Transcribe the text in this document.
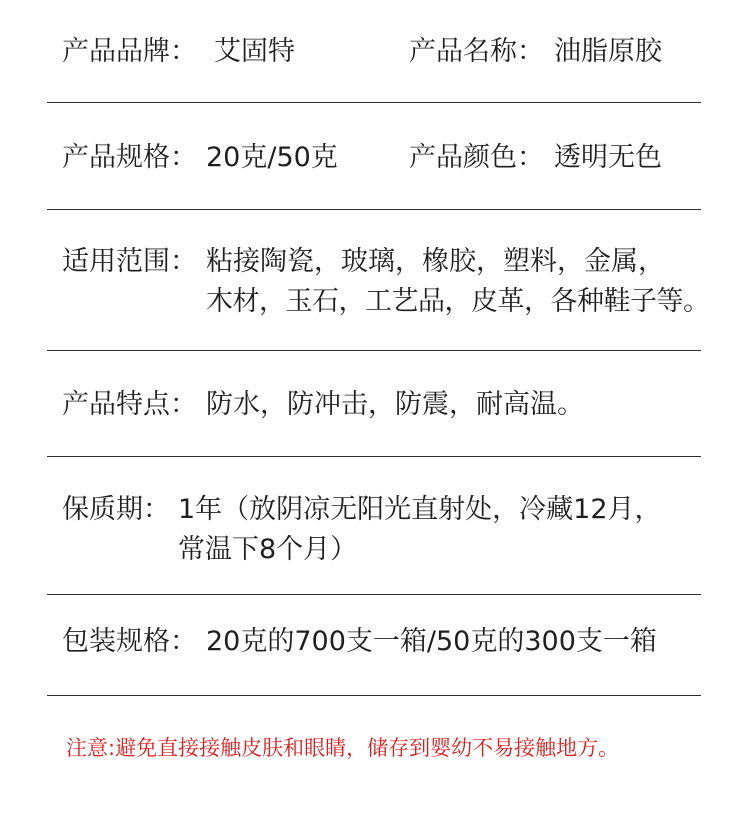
产品品牌： 艾固特	产品名称： 油脂原胶
产品规格： 20克/50克	产品颜色： 透明无色
适用范围： 粘接陶瓷，玻璃，橡胶，塑料，金属，
木材，玉石，工艺品，皮革，各种鞋子等。
产品特点： 防水，防冲击，防震，耐高温。
保质期： 1年（放阴凉无阳光直射处，冷藏12月，
常温下8个月）
包装规格： 20克的700支一箱/50克的300支一箱
注意:避免直接接触皮肤和眼睛，储存到婴幼不易接触地方。
